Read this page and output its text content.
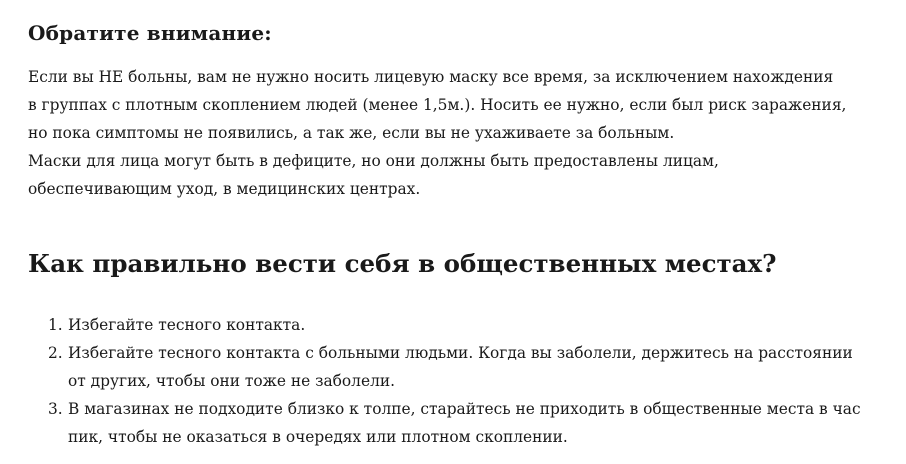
Обратите внимание:

Если вы НЕ больны, вам не нужно носить лицевую маску все время, за исключением нахождения
в группах с плотным скоплением людей (менее 1,5м.). Носить ее нужно, если был риск заражения,
но пока симптомы не появились, а так же, если вы не ухаживаете за больным.
Маски для лица могут быть в дефиците, но они должны быть предоставлены лицам,
обеспечивающим уход, в медицинских центрах.

Как правильно вести себя в общественных местах?
1. Избегайте тесного контакта.
2. Избегайте тесного контакта с больными людьми. Когда вы заболели, держитесь на расстоянии
от других, чтобы они тоже не заболели.
3. В магазинах не подходите близко к толпе, старайтесь не приходить в общественные места в час
пик, чтобы не оказаться в очередях или плотном скоплении.
